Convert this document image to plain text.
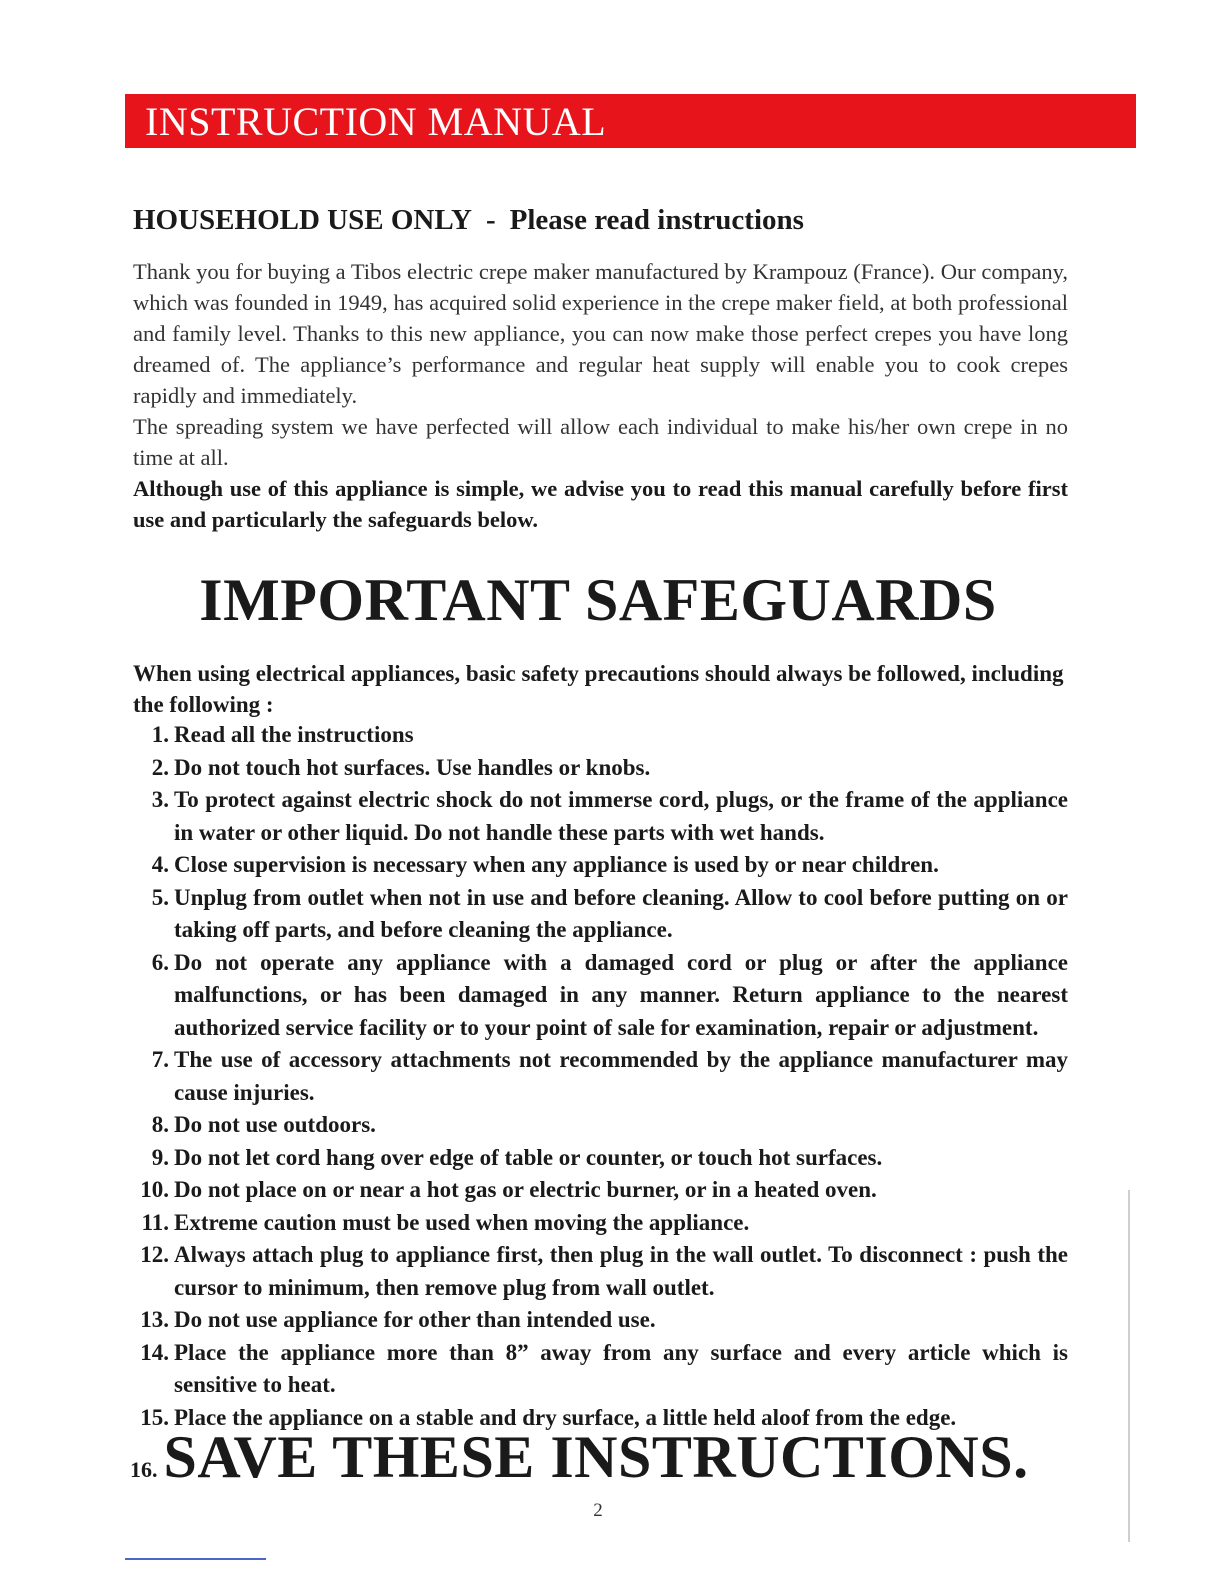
INSTRUCTION MANUAL
HOUSEHOLD USE ONLY - Please read instructions

Thank you for buying a Tibos electric crepe maker manufactured by Krampouz (France). Our company, which was founded in 1949, has acquired solid experience in the crepe maker field, at both professional and family level. Thanks to this new appliance, you can now make those perfect crepes you have long dreamed of. The appliance’s performance and regular heat supply will enable you to cook crepes rapidly and immediately.

The spreading system we have perfected will allow each individual to make his/her own crepe in no time at all.

Although use of this appliance is simple, we advise you to read this manual carefully before first use and particularly the safeguards below.

IMPORTANT SAFEGUARDS

When using electrical appliances, basic safety precautions should always be followed, including the following :

1. Read all the instructions
2. Do not touch hot surfaces. Use handles or knobs.
3. To protect against electric shock do not immerse cord, plugs, or the frame of the appliance in water or other liquid. Do not handle these parts with wet hands.
4. Close supervision is necessary when any appliance is used by or near children.
5. Unplug from outlet when not in use and before cleaning. Allow to cool before putting on or taking off parts, and before cleaning the appliance.
6. Do not operate any appliance with a damaged cord or plug or after the appliance malfunctions, or has been damaged in any manner. Return appliance to the nearest authorized service facility or to your point of sale for examination, repair or adjustment.
7. The use of accessory attachments not recommended by the appliance manufacturer may cause injuries.
8. Do not use outdoors.
9. Do not let cord hang over edge of table or counter, or touch hot surfaces.
10. Do not place on or near a hot gas or electric burner, or in a heated oven.
11. Extreme caution must be used when moving the appliance.
12. Always attach plug to appliance first, then plug in the wall outlet. To disconnect : push the cursor to minimum, then remove plug from wall outlet.
13. Do not use appliance for other than intended use.
14. Place the appliance more than 8” away from any surface and every article which is sensitive to heat.
15. Place the appliance on a stable and dry surface, a little held aloof from the edge.
16. SAVE THESE INSTRUCTIONS.
2
